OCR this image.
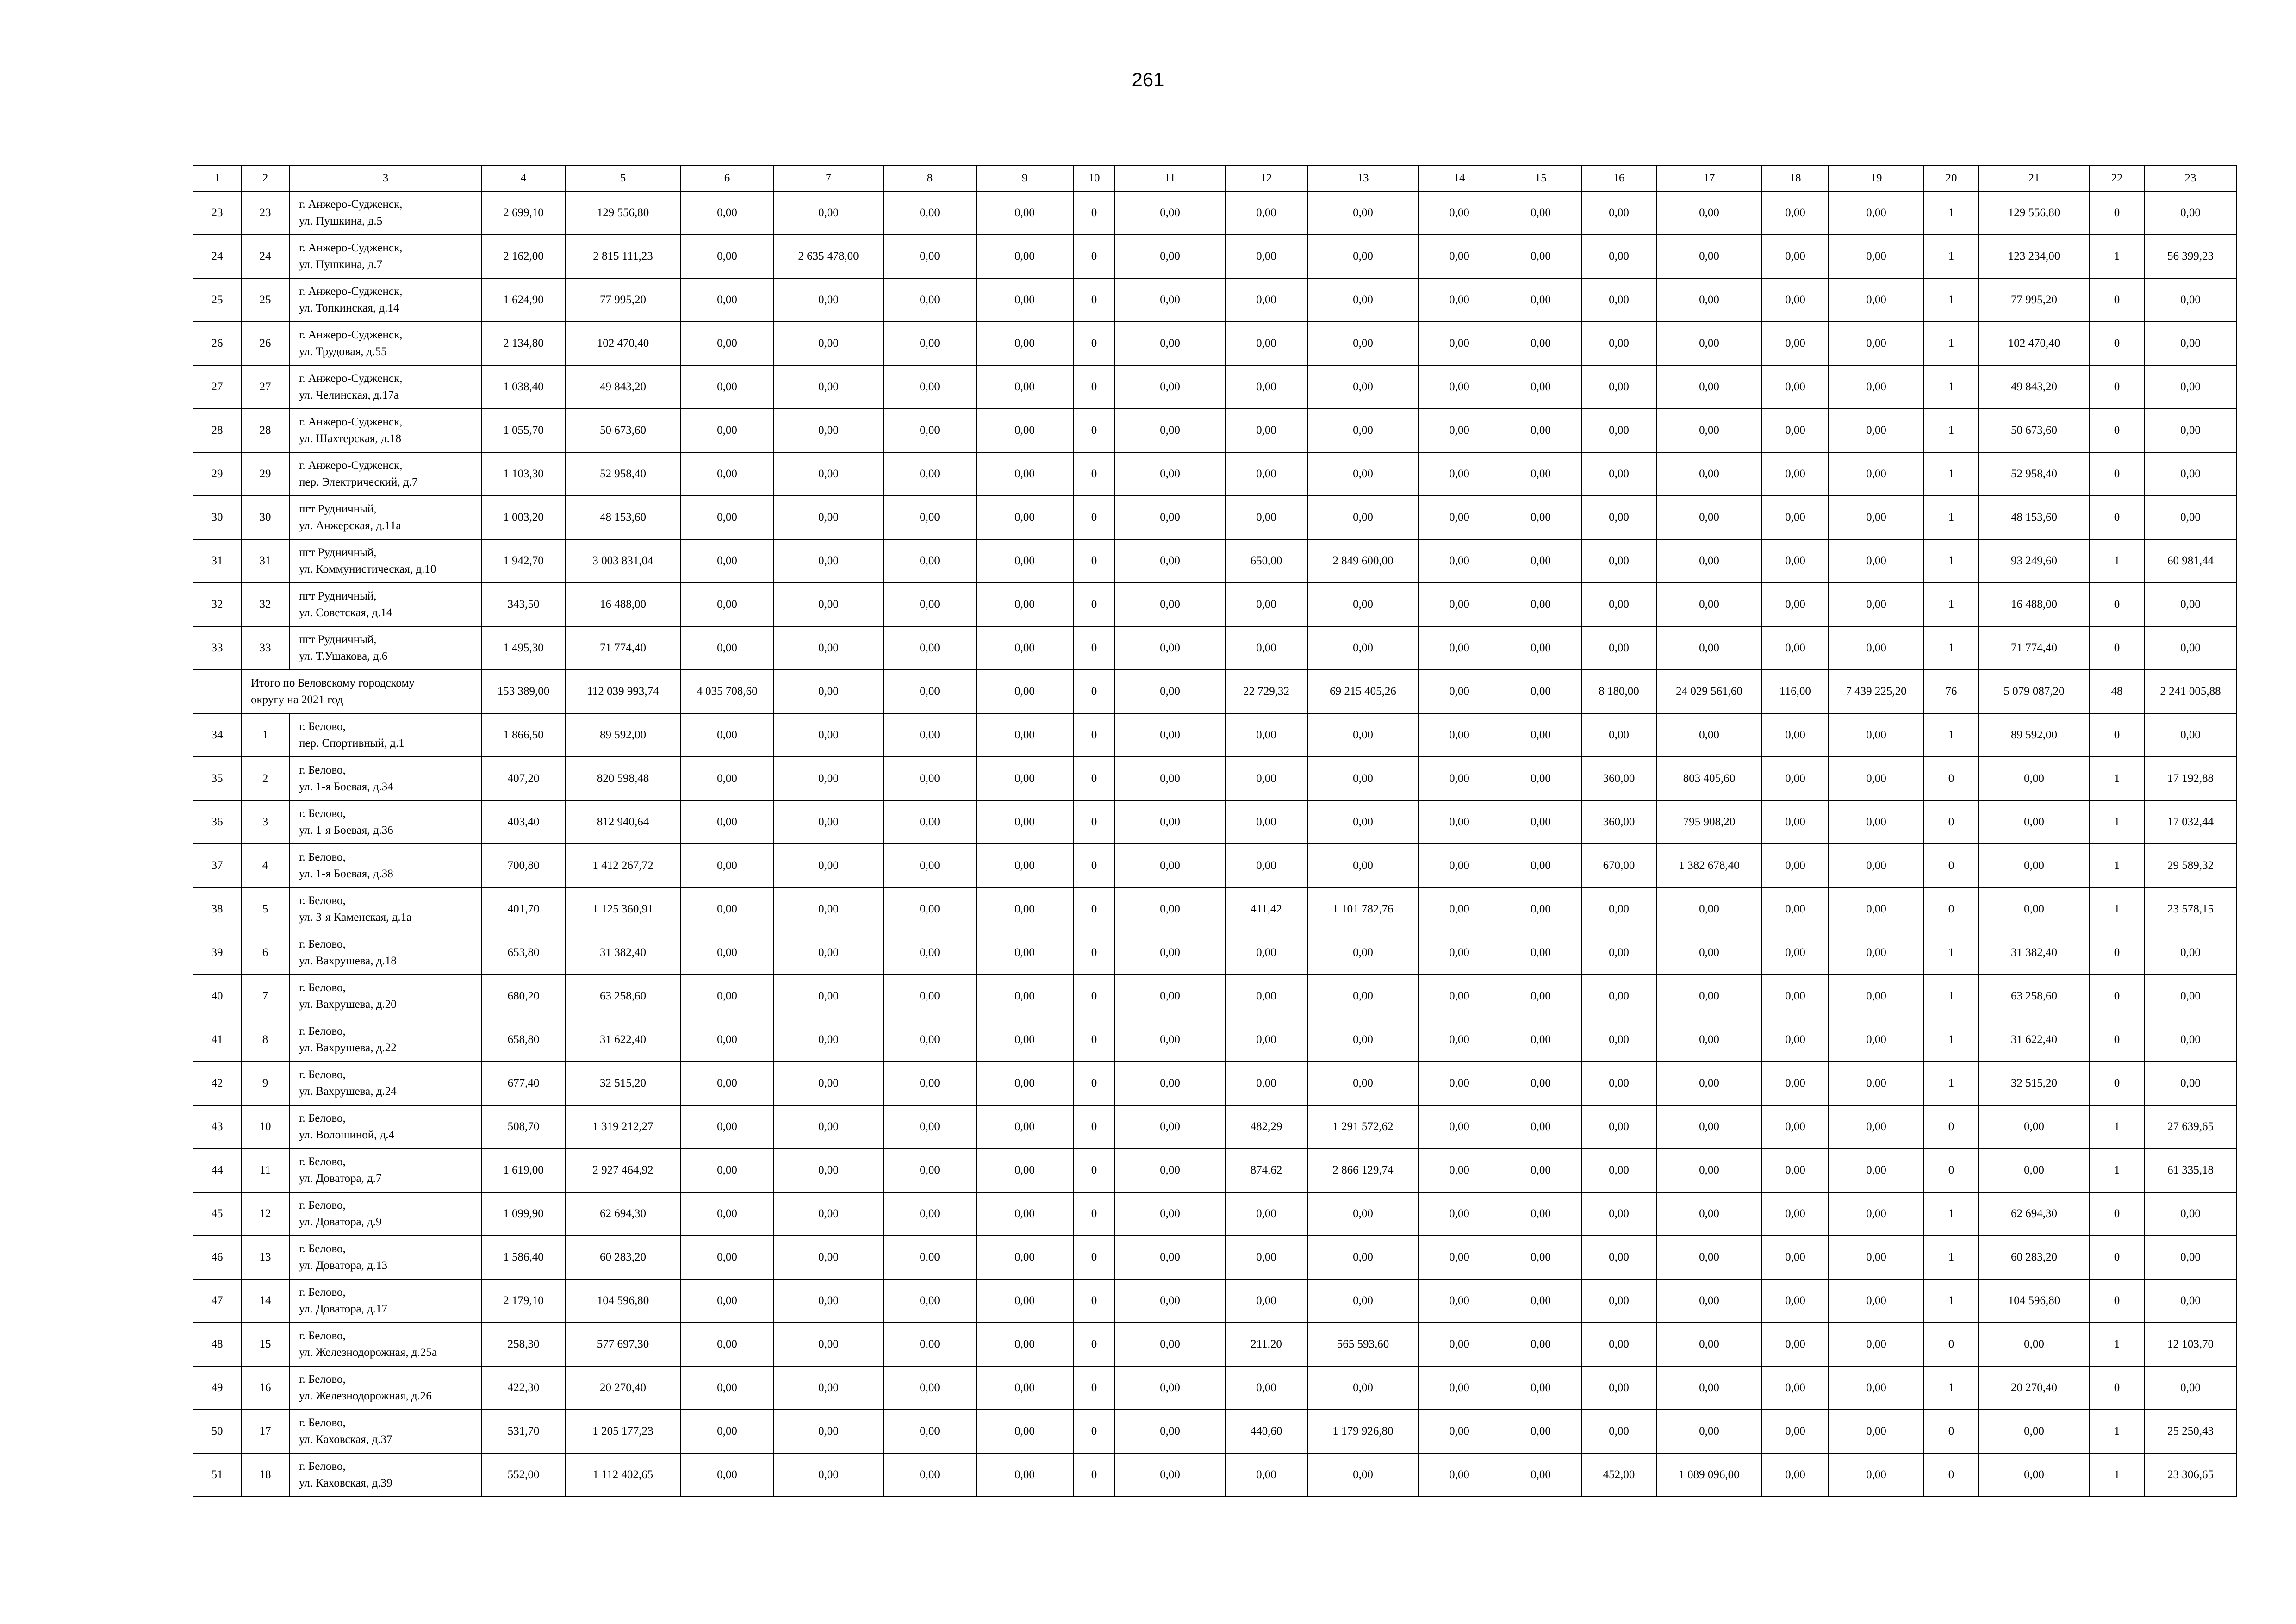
261
1	2	3	4	5	6	7	8	9	10	11	12	13	14	15	16	17	18	19	20	21	22	23
23	23	г. Анжеро-Судженск,
ул. Пушкина, д.5	2 699,10	129 556,80	0,00	0,00	0,00	0,00	0	0,00	0,00	0,00	0,00	0,00	0,00	0,00	0,00	0,00	1	129 556,80	0	0,00
24	24	г. Анжеро-Судженск,
ул. Пушкина, д.7	2 162,00	2 815 111,23	0,00	2 635 478,00	0,00	0,00	0	0,00	0,00	0,00	0,00	0,00	0,00	0,00	0,00	0,00	1	123 234,00	1	56 399,23
25	25	г. Анжеро-Судженск,
ул. Топкинская, д.14	1 624,90	77 995,20	0,00	0,00	0,00	0,00	0	0,00	0,00	0,00	0,00	0,00	0,00	0,00	0,00	0,00	1	77 995,20	0	0,00
26	26	г. Анжеро-Судженск,
ул. Трудовая, д.55	2 134,80	102 470,40	0,00	0,00	0,00	0,00	0	0,00	0,00	0,00	0,00	0,00	0,00	0,00	0,00	0,00	1	102 470,40	0	0,00
27	27	г. Анжеро-Судженск,
ул. Челинская, д.17а	1 038,40	49 843,20	0,00	0,00	0,00	0,00	0	0,00	0,00	0,00	0,00	0,00	0,00	0,00	0,00	0,00	1	49 843,20	0	0,00
28	28	г. Анжеро-Судженск,
ул. Шахтерская, д.18	1 055,70	50 673,60	0,00	0,00	0,00	0,00	0	0,00	0,00	0,00	0,00	0,00	0,00	0,00	0,00	0,00	1	50 673,60	0	0,00
29	29	г. Анжеро-Судженск,
пер. Электрический, д.7	1 103,30	52 958,40	0,00	0,00	0,00	0,00	0	0,00	0,00	0,00	0,00	0,00	0,00	0,00	0,00	0,00	1	52 958,40	0	0,00
30	30	пгт Рудничный,
ул. Анжерская, д.11а	1 003,20	48 153,60	0,00	0,00	0,00	0,00	0	0,00	0,00	0,00	0,00	0,00	0,00	0,00	0,00	0,00	1	48 153,60	0	0,00
31	31	пгт Рудничный,
ул. Коммунистическая, д.10	1 942,70	3 003 831,04	0,00	0,00	0,00	0,00	0	0,00	650,00	2 849 600,00	0,00	0,00	0,00	0,00	0,00	0,00	1	93 249,60	1	60 981,44
32	32	пгт Рудничный,
ул. Советская, д.14	343,50	16 488,00	0,00	0,00	0,00	0,00	0	0,00	0,00	0,00	0,00	0,00	0,00	0,00	0,00	0,00	1	16 488,00	0	0,00
33	33	пгт Рудничный,
ул. Т.Ушакова, д.6	1 495,30	71 774,40	0,00	0,00	0,00	0,00	0	0,00	0,00	0,00	0,00	0,00	0,00	0,00	0,00	0,00	1	71 774,40	0	0,00

	Итого по Беловскому городскому
округу на 2021 год		153 389,00	112 039 993,74	4 035 708,60	0,00	0,00	0,00	0	0,00	22 729,32	69 215 405,26	0,00	0,00	8 180,00	24 029 561,60	116,00	7 439 225,20	76	5 079 087,20	48	2 241 005,88
34	1	г. Белово,
пер. Спортивный, д.1	1 866,50	89 592,00	0,00	0,00	0,00	0,00	0	0,00	0,00	0,00	0,00	0,00	0,00	0,00	0,00	0,00	1	89 592,00	0	0,00
35	2	г. Белово,
ул. 1-я Боевая, д.34	407,20	820 598,48	0,00	0,00	0,00	0,00	0	0,00	0,00	0,00	0,00	0,00	360,00	803 405,60	0,00	0,00	0	0,00	1	17 192,88
36	3	г. Белово,
ул. 1-я Боевая, д.36	403,40	812 940,64	0,00	0,00	0,00	0,00	0	0,00	0,00	0,00	0,00	0,00	360,00	795 908,20	0,00	0,00	0	0,00	1	17 032,44
37	4	г. Белово,
ул. 1-я Боевая, д.38	700,80	1 412 267,72	0,00	0,00	0,00	0,00	0	0,00	0,00	0,00	0,00	0,00	670,00	1 382 678,40	0,00	0,00	0	0,00	1	29 589,32
38	5	г. Белово,
ул. 3-я Каменская, д.1а	401,70	1 125 360,91	0,00	0,00	0,00	0,00	0	0,00	411,42	1 101 782,76	0,00	0,00	0,00	0,00	0,00	0,00	0	0,00	1	23 578,15
39	6	г. Белово,
ул. Вахрушева, д.18	653,80	31 382,40	0,00	0,00	0,00	0,00	0	0,00	0,00	0,00	0,00	0,00	0,00	0,00	0,00	0,00	1	31 382,40	0	0,00
40	7	г. Белово,
ул. Вахрушева, д.20	680,20	63 258,60	0,00	0,00	0,00	0,00	0	0,00	0,00	0,00	0,00	0,00	0,00	0,00	0,00	0,00	1	63 258,60	0	0,00
41	8	г. Белово,
ул. Вахрушева, д.22	658,80	31 622,40	0,00	0,00	0,00	0,00	0	0,00	0,00	0,00	0,00	0,00	0,00	0,00	0,00	0,00	1	31 622,40	0	0,00
42	9	г. Белово,
ул. Вахрушева, д.24	677,40	32 515,20	0,00	0,00	0,00	0,00	0	0,00	0,00	0,00	0,00	0,00	0,00	0,00	0,00	0,00	1	32 515,20	0	0,00
43	10	г. Белово,
ул. Волошиной, д.4	508,70	1 319 212,27	0,00	0,00	0,00	0,00	0	0,00	482,29	1 291 572,62	0,00	0,00	0,00	0,00	0,00	0,00	0	0,00	1	27 639,65
44	11	г. Белово,
ул. Доватора, д.7	1 619,00	2 927 464,92	0,00	0,00	0,00	0,00	0	0,00	874,62	2 866 129,74	0,00	0,00	0,00	0,00	0,00	0,00	0	0,00	1	61 335,18
45	12	г. Белово,
ул. Доватора, д.9	1 099,90	62 694,30	0,00	0,00	0,00	0,00	0	0,00	0,00	0,00	0,00	0,00	0,00	0,00	0,00	0,00	1	62 694,30	0	0,00
46	13	г. Белово,
ул. Доватора, д.13	1 586,40	60 283,20	0,00	0,00	0,00	0,00	0	0,00	0,00	0,00	0,00	0,00	0,00	0,00	0,00	0,00	1	60 283,20	0	0,00
47	14	г. Белово,
ул. Доватора, д.17	2 179,10	104 596,80	0,00	0,00	0,00	0,00	0	0,00	0,00	0,00	0,00	0,00	0,00	0,00	0,00	0,00	1	104 596,80	0	0,00
48	15	г. Белово,
ул. Железнодорожная, д.25а	258,30	577 697,30	0,00	0,00	0,00	0,00	0	0,00	211,20	565 593,60	0,00	0,00	0,00	0,00	0,00	0,00	0	0,00	1	12 103,70
49	16	г. Белово,
ул. Железнодорожная, д.26	422,30	20 270,40	0,00	0,00	0,00	0,00	0	0,00	0,00	0,00	0,00	0,00	0,00	0,00	0,00	0,00	1	20 270,40	0	0,00
50	17	г. Белово,
ул. Каховская, д.37	531,70	1 205 177,23	0,00	0,00	0,00	0,00	0	0,00	440,60	1 179 926,80	0,00	0,00	0,00	0,00	0,00	0,00	0	0,00	1	25 250,43
51	18	г. Белово,
ул. Каховская, д.39	552,00	1 112 402,65	0,00	0,00	0,00	0,00	0	0,00	0,00	0,00	0,00	0,00	452,00	1 089 096,00	0,00	0,00	0	0,00	1	23 306,65
